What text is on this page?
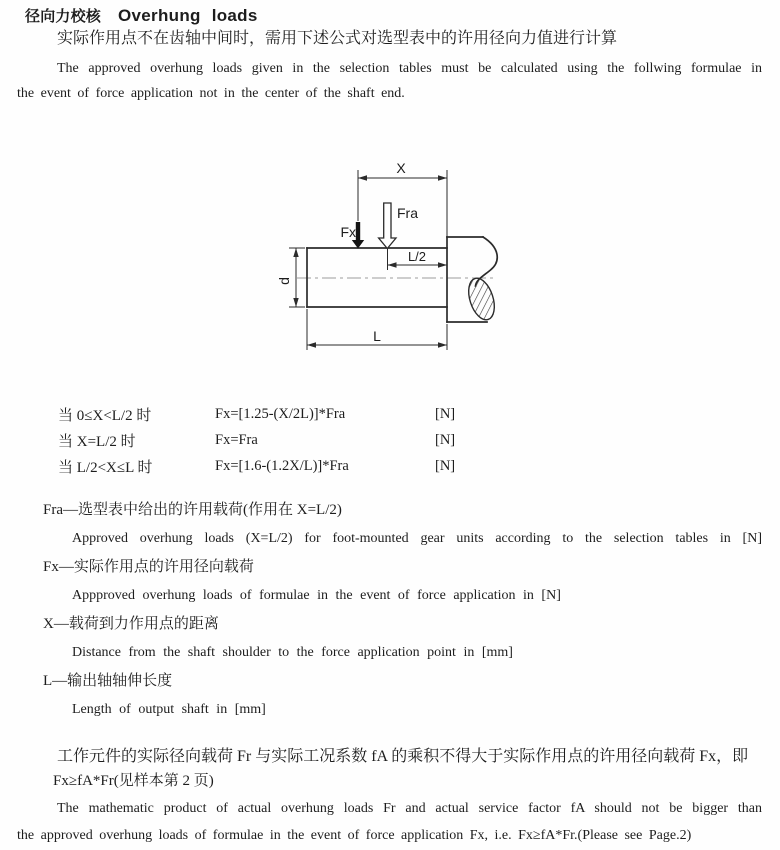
径向力校核 Overhung loads
实际作用点不在齿轴中间时，需用下述公式对选型表中的许用径向力值进行计算
The approved overhung loads given in the selection tables must be calculated using the follwing formulae in
the event of force application not in the center of the shaft end.
X
Fra
Fx
L/2
d
L
当 0≤X<L/2 时	Fx=[1.25-(X/2L)]*Fra	[N]
当 X=L/2 时	Fx=Fra	[N]
当 L/2<X≤L 时	Fx=[1.6-(1.2X/L)]*Fra	[N]
Fra—选型表中给出的许用载荷(作用在 X=L/2)
Approved overhung loads (X=L/2) for foot-mounted gear units according to the selection tables in [N]
Fx—实际作用点的许用径向载荷
Appproved overhung loads of formulae in the event of force application in [N]
X—载荷到力作用点的距离
Distance from the shaft shoulder to the force application point in [mm]
L—输出轴轴伸长度
Length of output shaft in [mm]
工作元件的实际径向载荷 Fr 与实际工况系数 fA 的乘积不得大于实际作用点的许用径向载荷 Fx，即
Fx≥fA*Fr(见样本第 2 页)
The mathematic product of actual overhung loads Fr and actual service factor fA should not be bigger than
the approved overhung loads of formulae in the event of force application Fx, i.e. Fx≥fA*Fr.(Please see Page.2)
